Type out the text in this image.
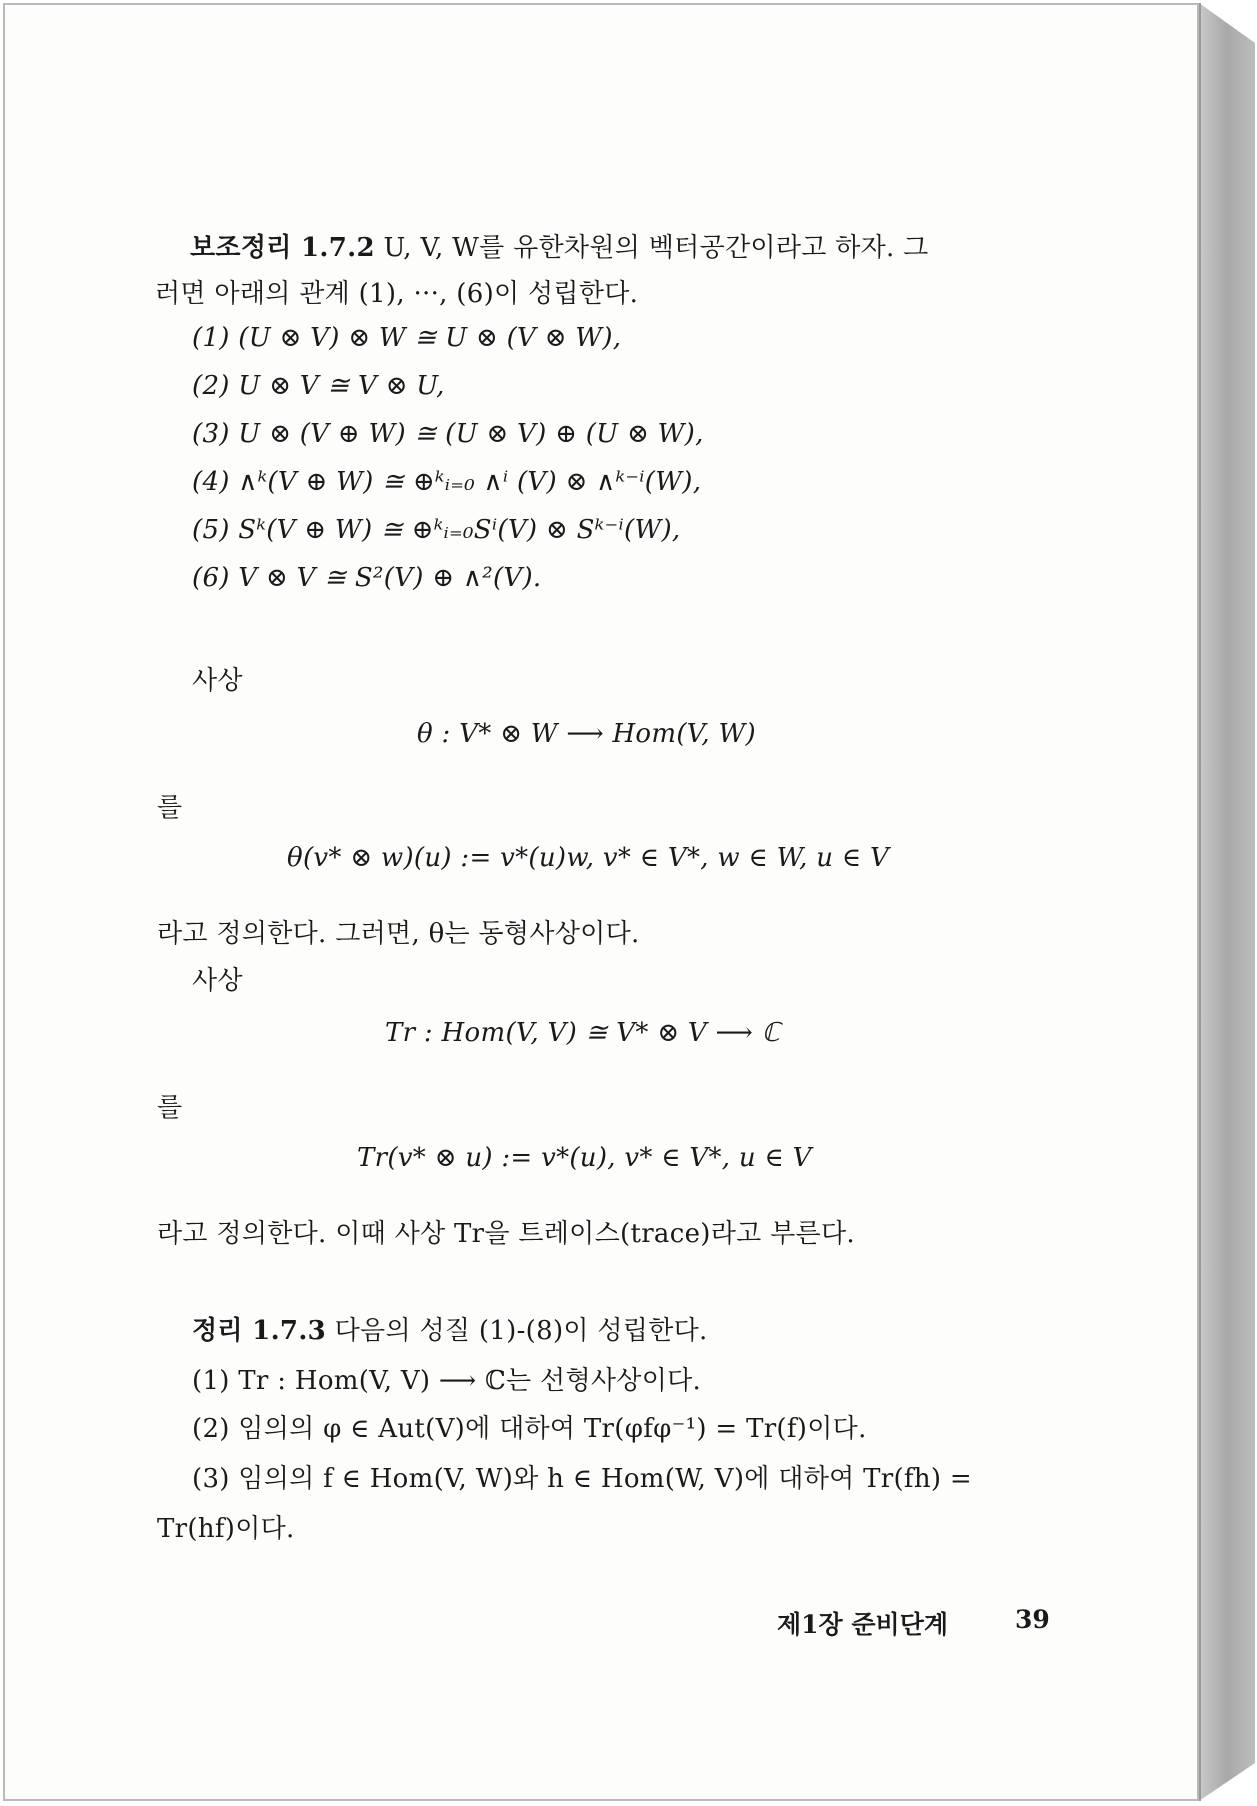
보조정리 1.7.2 U, V, W를 유한차원의 벡터공간이라고 하자. 그
러면 아래의 관계 (1), ···, (6)이 성립한다.
(1) (U ⊗ V) ⊗ W ≅ U ⊗ (V ⊗ W),
(2) U ⊗ V ≅ V ⊗ U,
(3) U ⊗ (V ⊕ W) ≅ (U ⊗ V) ⊕ (U ⊗ W),
(4) ∧ᵏ(V ⊕ W) ≅ ⊕ᵏᵢ₌₀ ∧ⁱ (V) ⊗ ∧ᵏ⁻ⁱ(W),
(5) Sᵏ(V ⊕ W) ≅ ⊕ᵏᵢ₌₀Sⁱ(V) ⊗ Sᵏ⁻ⁱ(W),
(6) V ⊗ V ≅ S²(V) ⊕ ∧²(V).
사상
θ : V* ⊗ W ⟶ Hom(V, W)
를
θ(v* ⊗ w)(u) := v*(u)w, v* ∈ V*, w ∈ W, u ∈ V
라고 정의한다. 그러면, θ는 동형사상이다.
사상
Tr : Hom(V, V) ≅ V* ⊗ V ⟶ ℂ
를
Tr(v* ⊗ u) := v*(u), v* ∈ V*, u ∈ V
라고 정의한다. 이때 사상 Tr을 트레이스(trace)라고 부른다.
정리 1.7.3 다음의 성질 (1)-(8)이 성립한다.
(1) Tr : Hom(V, V) ⟶ ℂ는 선형사상이다.
(2) 임의의 φ ∈ Aut(V)에 대하여 Tr(φfφ⁻¹) = Tr(f)이다.
(3) 임의의 f ∈ Hom(V, W)와 h ∈ Hom(W, V)에 대하여 Tr(fh) =
Tr(hf)이다.
제1장 준비단계	39
